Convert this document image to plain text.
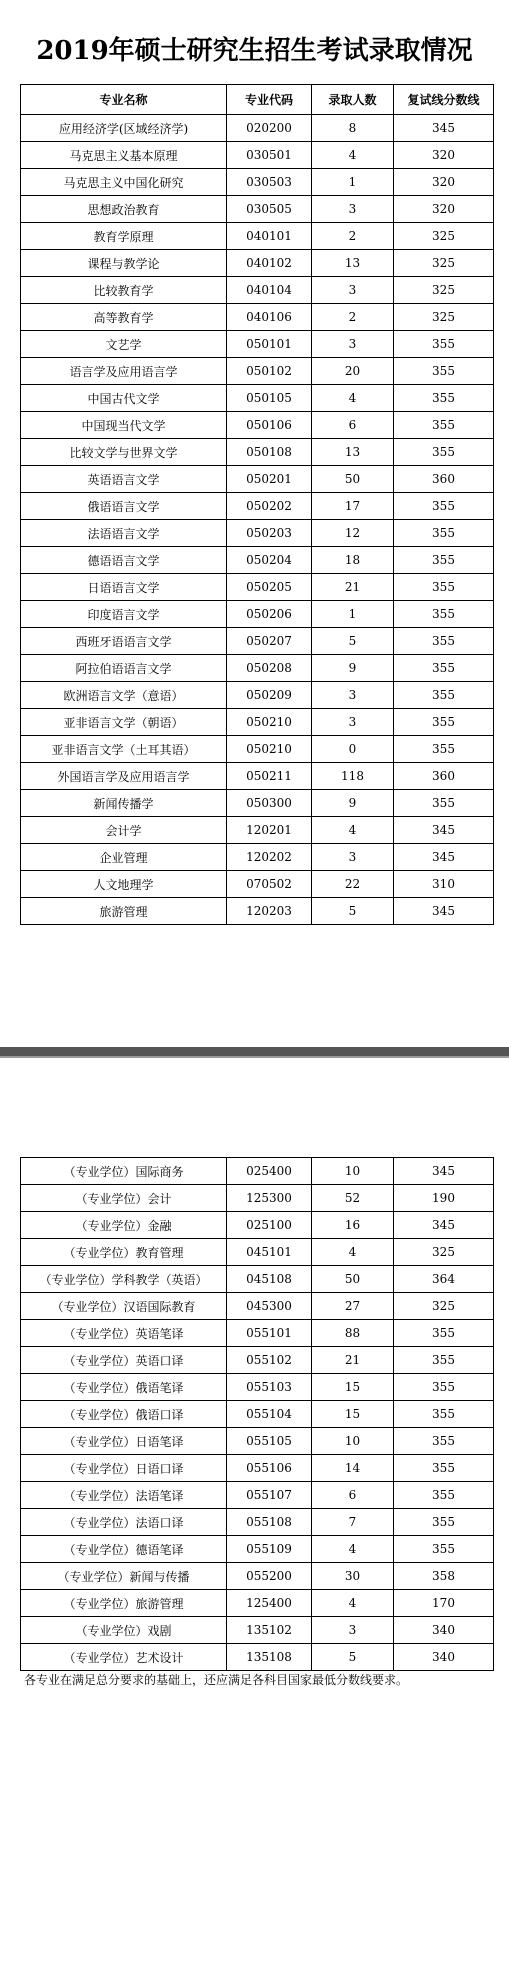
2019年硕士研究生招生考试录取情况
专业名称	专业代码	录取人数	复试线分数线
应用经济学(区域经济学)	020200	8	345
马克思主义基本原理	030501	4	320
马克思主义中国化研究	030503	1	320
思想政治教育	030505	3	320
教育学原理	040101	2	325
课程与教学论	040102	13	325
比较教育学	040104	3	325
高等教育学	040106	2	325
文艺学	050101	3	355
语言学及应用语言学	050102	20	355
中国古代文学	050105	4	355
中国现当代文学	050106	6	355
比较文学与世界文学	050108	13	355
英语语言文学	050201	50	360
俄语语言文学	050202	17	355
法语语言文学	050203	12	355
德语语言文学	050204	18	355
日语语言文学	050205	21	355
印度语言文学	050206	1	355
西班牙语语言文学	050207	5	355
阿拉伯语语言文学	050208	9	355
欧洲语言文学（意语）	050209	3	355
亚非语言文学（朝语）	050210	3	355
亚非语言文学（土耳其语）	050210	0	355
外国语言学及应用语言学	050211	118	360
新闻传播学	050300	9	355
会计学	120201	4	345
企业管理	120202	3	345
人文地理学	070502	22	310
旅游管理	120203	5	345
（专业学位）国际商务	025400	10	345
（专业学位）会计	125300	52	190
（专业学位）金融	025100	16	345
（专业学位）教育管理	045101	4	325
（专业学位）学科教学（英语）	045108	50	364
（专业学位）汉语国际教育	045300	27	325
（专业学位）英语笔译	055101	88	355
（专业学位）英语口译	055102	21	355
（专业学位）俄语笔译	055103	15	355
（专业学位）俄语口译	055104	15	355
（专业学位）日语笔译	055105	10	355
（专业学位）日语口译	055106	14	355
（专业学位）法语笔译	055107	6	355
（专业学位）法语口译	055108	7	355
（专业学位）德语笔译	055109	4	355
（专业学位）新闻与传播	055200	30	358
（专业学位）旅游管理	125400	4	170
（专业学位）戏剧	135102	3	340
（专业学位）艺术设计	135108	5	340
各专业在满足总分要求的基础上，还应满足各科目国家最低分数线要求。
